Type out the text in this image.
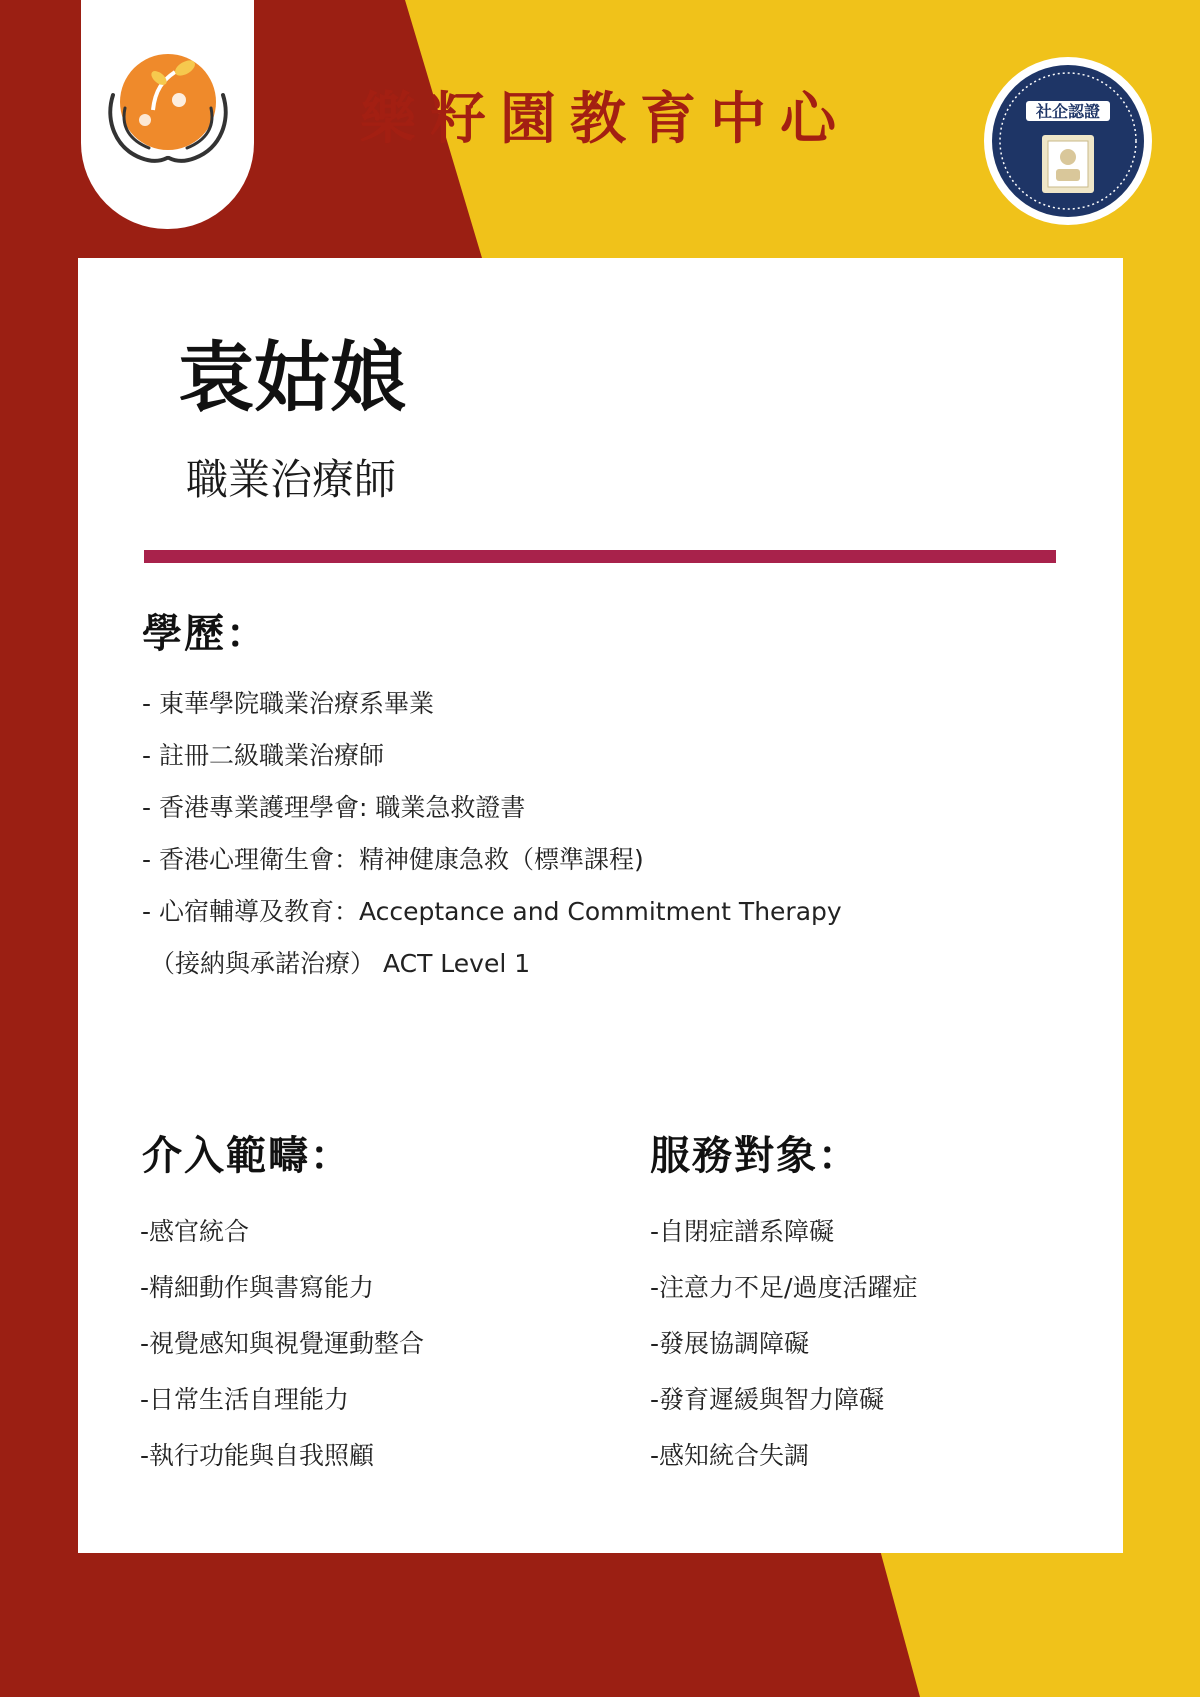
樂籽園教育中心	社企認證
袁姑娘
職業治療師
學歷：
- 東華學院職業治療系畢業
- 註冊二級職業治療師
- 香港專業護理學會: 職業急救證書
- 香港心理衛生會：精神健康急救（標準課程)
- 心宿輔導及教育：Acceptance and Commitment Therapy
（接納與承諾治療） ACT Level 1
介入範疇：
-感官統合
-精細動作與書寫能力
-視覺感知與視覺運動整合
-日常生活自理能力
-執行功能與自我照顧
服務對象：
-自閉症譜系障礙
-注意力不足/過度活躍症
-發展協調障礙
-發育遲緩與智力障礙
-感知統合失調
